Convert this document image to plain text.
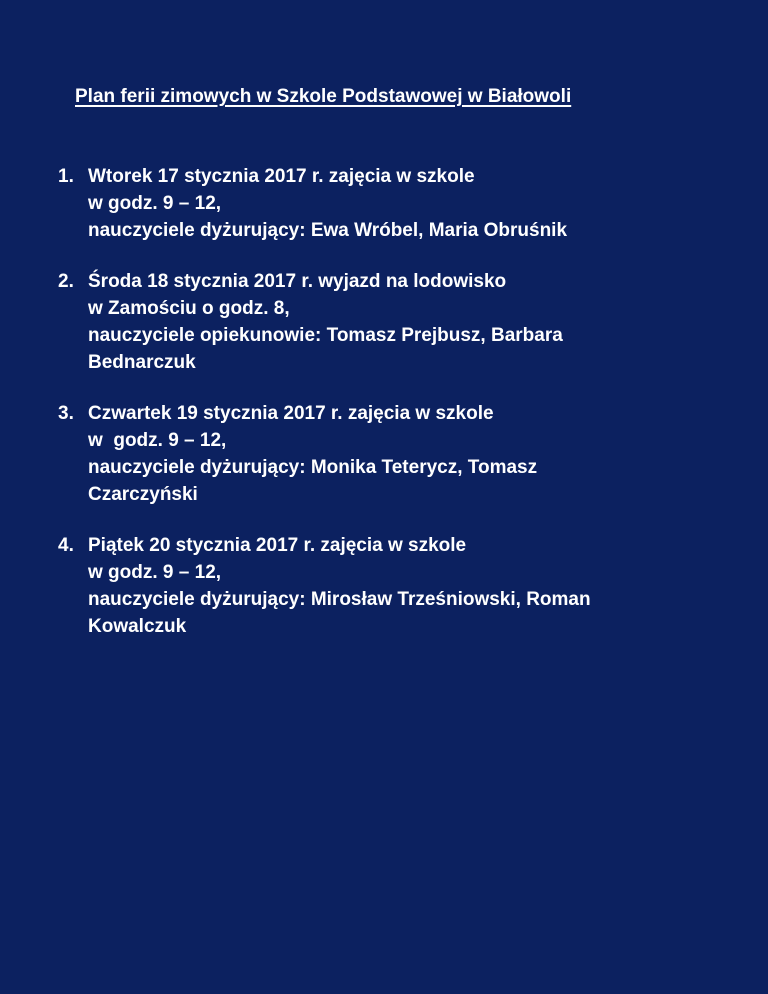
Plan ferii zimowych w Szkole Podstawowej w Białowoli
1. Wtorek 17 stycznia 2017 r. zajęcia w szkole
w godz. 9 – 12,
nauczyciele dyżurujący: Ewa Wróbel, Maria Obruśnik
2. Środa 18 stycznia 2017 r. wyjazd na lodowisko
w Zamościu o godz. 8,
nauczyciele opiekunowie: Tomasz Prejbusz, Barbara
Bednarczuk
3. Czwartek 19 stycznia 2017 r. zajęcia w szkole
w  godz. 9 – 12,
nauczyciele dyżurujący: Monika Teterycz, Tomasz
Czarczyński
4. Piątek 20 stycznia 2017 r. zajęcia w szkole
w godz. 9 – 12,
nauczyciele dyżurujący: Mirosław Trześniowski, Roman
Kowalczuk
